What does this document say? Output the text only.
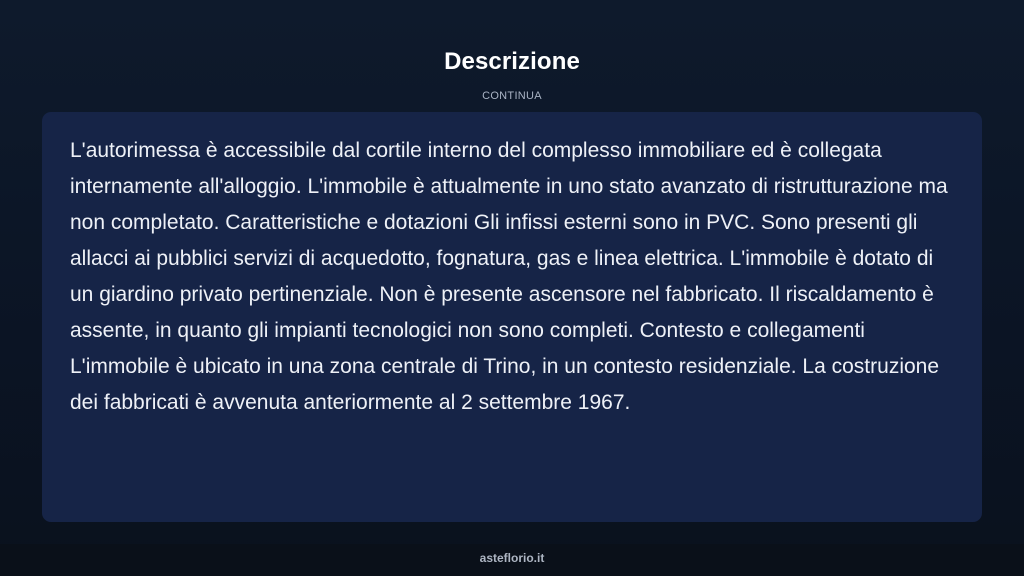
Descrizione
CONTINUA

L'autorimessa è accessibile dal cortile interno del complesso immobiliare ed è collegata internamente all'alloggio. L'immobile è attualmente in uno stato avanzato di ristrutturazione ma non completato. Caratteristiche e dotazioni Gli infissi esterni sono in PVC. Sono presenti gli allacci ai pubblici servizi di acquedotto, fognatura, gas e linea elettrica. L'immobile è dotato di un giardino privato pertinenziale. Non è presente ascensore nel fabbricato. Il riscaldamento è assente, in quanto gli impianti tecnologici non sono completi. Contesto e collegamenti L'immobile è ubicato in una zona centrale di Trino, in un contesto residenziale. La costruzione dei fabbricati è avvenuta anteriormente al 2 settembre 1967.

asteflorio.it
